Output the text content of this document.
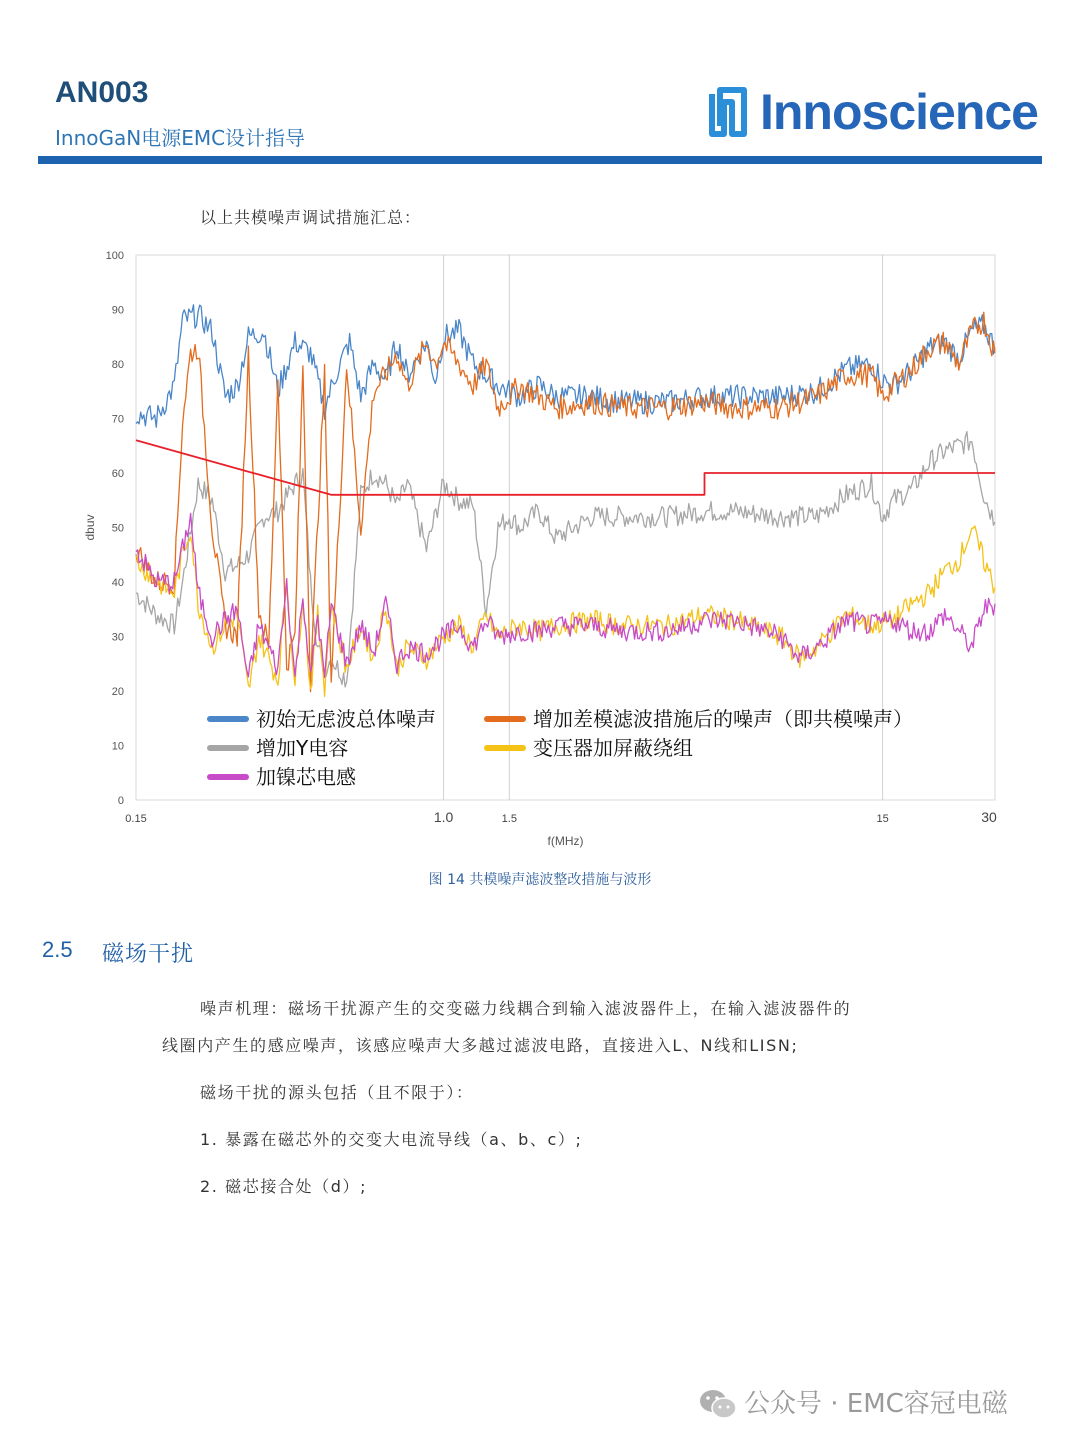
AN003
InnoGaN电源EMC设计指导	Innoscience
以上共模噪声调试措施汇总：
0
10
20
30
40
50
60
70
80
90
100
0.15	1.0	1.5	15	30
f(MHz)
dbuv
初始无虑波总体噪声	增加差模滤波措施后的噪声（即共模噪声）
增加Y电容	变压器加屏蔽绕组
加镍芯电感
图 14 共模噪声滤波整改措施与波形
2.5 磁场干扰
噪声机理：磁场干扰源产生的交变磁力线耦合到输入滤波器件上，在输入滤波器件的
线圈内产生的感应噪声，该感应噪声大多越过滤波电路，直接进入L、N线和LISN;
磁场干扰的源头包括（且不限于）：
1. 暴露在磁芯外的交变大电流导线（a、b、c）;
2. 磁芯接合处（d）;
公众号 · EMC容冠电磁
